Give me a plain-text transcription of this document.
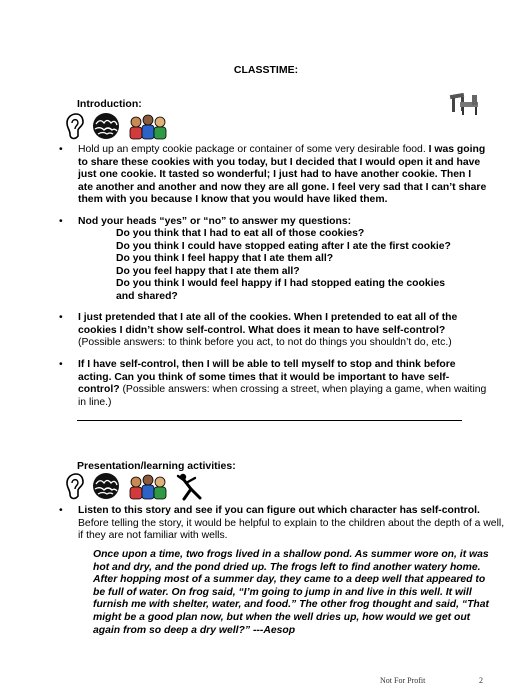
CLASSTIME:
Introduction:
• Hold up an empty cookie package or container of some very desirable food. I was going to share these cookies with you today, but I decided that I would open it and have just one cookie. It tasted so wonderful; I just had to have another cookie. Then I ate another and another and now they are all gone. I feel very sad that I can’t share them with you because I know that you would have liked them.
• Nod your heads “yes” or “no” to answer my questions:
Do you think that I had to eat all of those cookies?
Do you think I could have stopped eating after I ate the first cookie?
Do you think I feel happy that I ate them all?
Do you feel happy that I ate them all?
Do you think I would feel happy if I had stopped eating the cookies and shared?
• I just pretended that I ate all of the cookies. When I pretended to eat all of the cookies I didn’t show self-control. What does it mean to have self-control? (Possible answers: to think before you act, to not do things you shouldn’t do, etc.)
• If I have self-control, then I will be able to tell myself to stop and think before acting. Can you think of some times that it would be important to have self-control? (Possible answers: when crossing a street, when playing a game, when waiting in line.)
Presentation/learning activities:
• Listen to this story and see if you can figure out which character has self-control. Before telling the story, it would be helpful to explain to the children about the depth of a well, if they are not familiar with wells.
Once upon a time, two frogs lived in a shallow pond. As summer wore on, it was hot and dry, and the pond dried up. The frogs left to find another watery home. After hopping most of a summer day, they came to a deep well that appeared to be full of water. On frog said, “I’m going to jump in and live in this well. It will furnish me with shelter, water, and food.” The other frog thought and said, “That might be a good plan now, but when the well dries up, how would we get out again from so deep a dry well?” ---Aesop
Not For Profit	2
